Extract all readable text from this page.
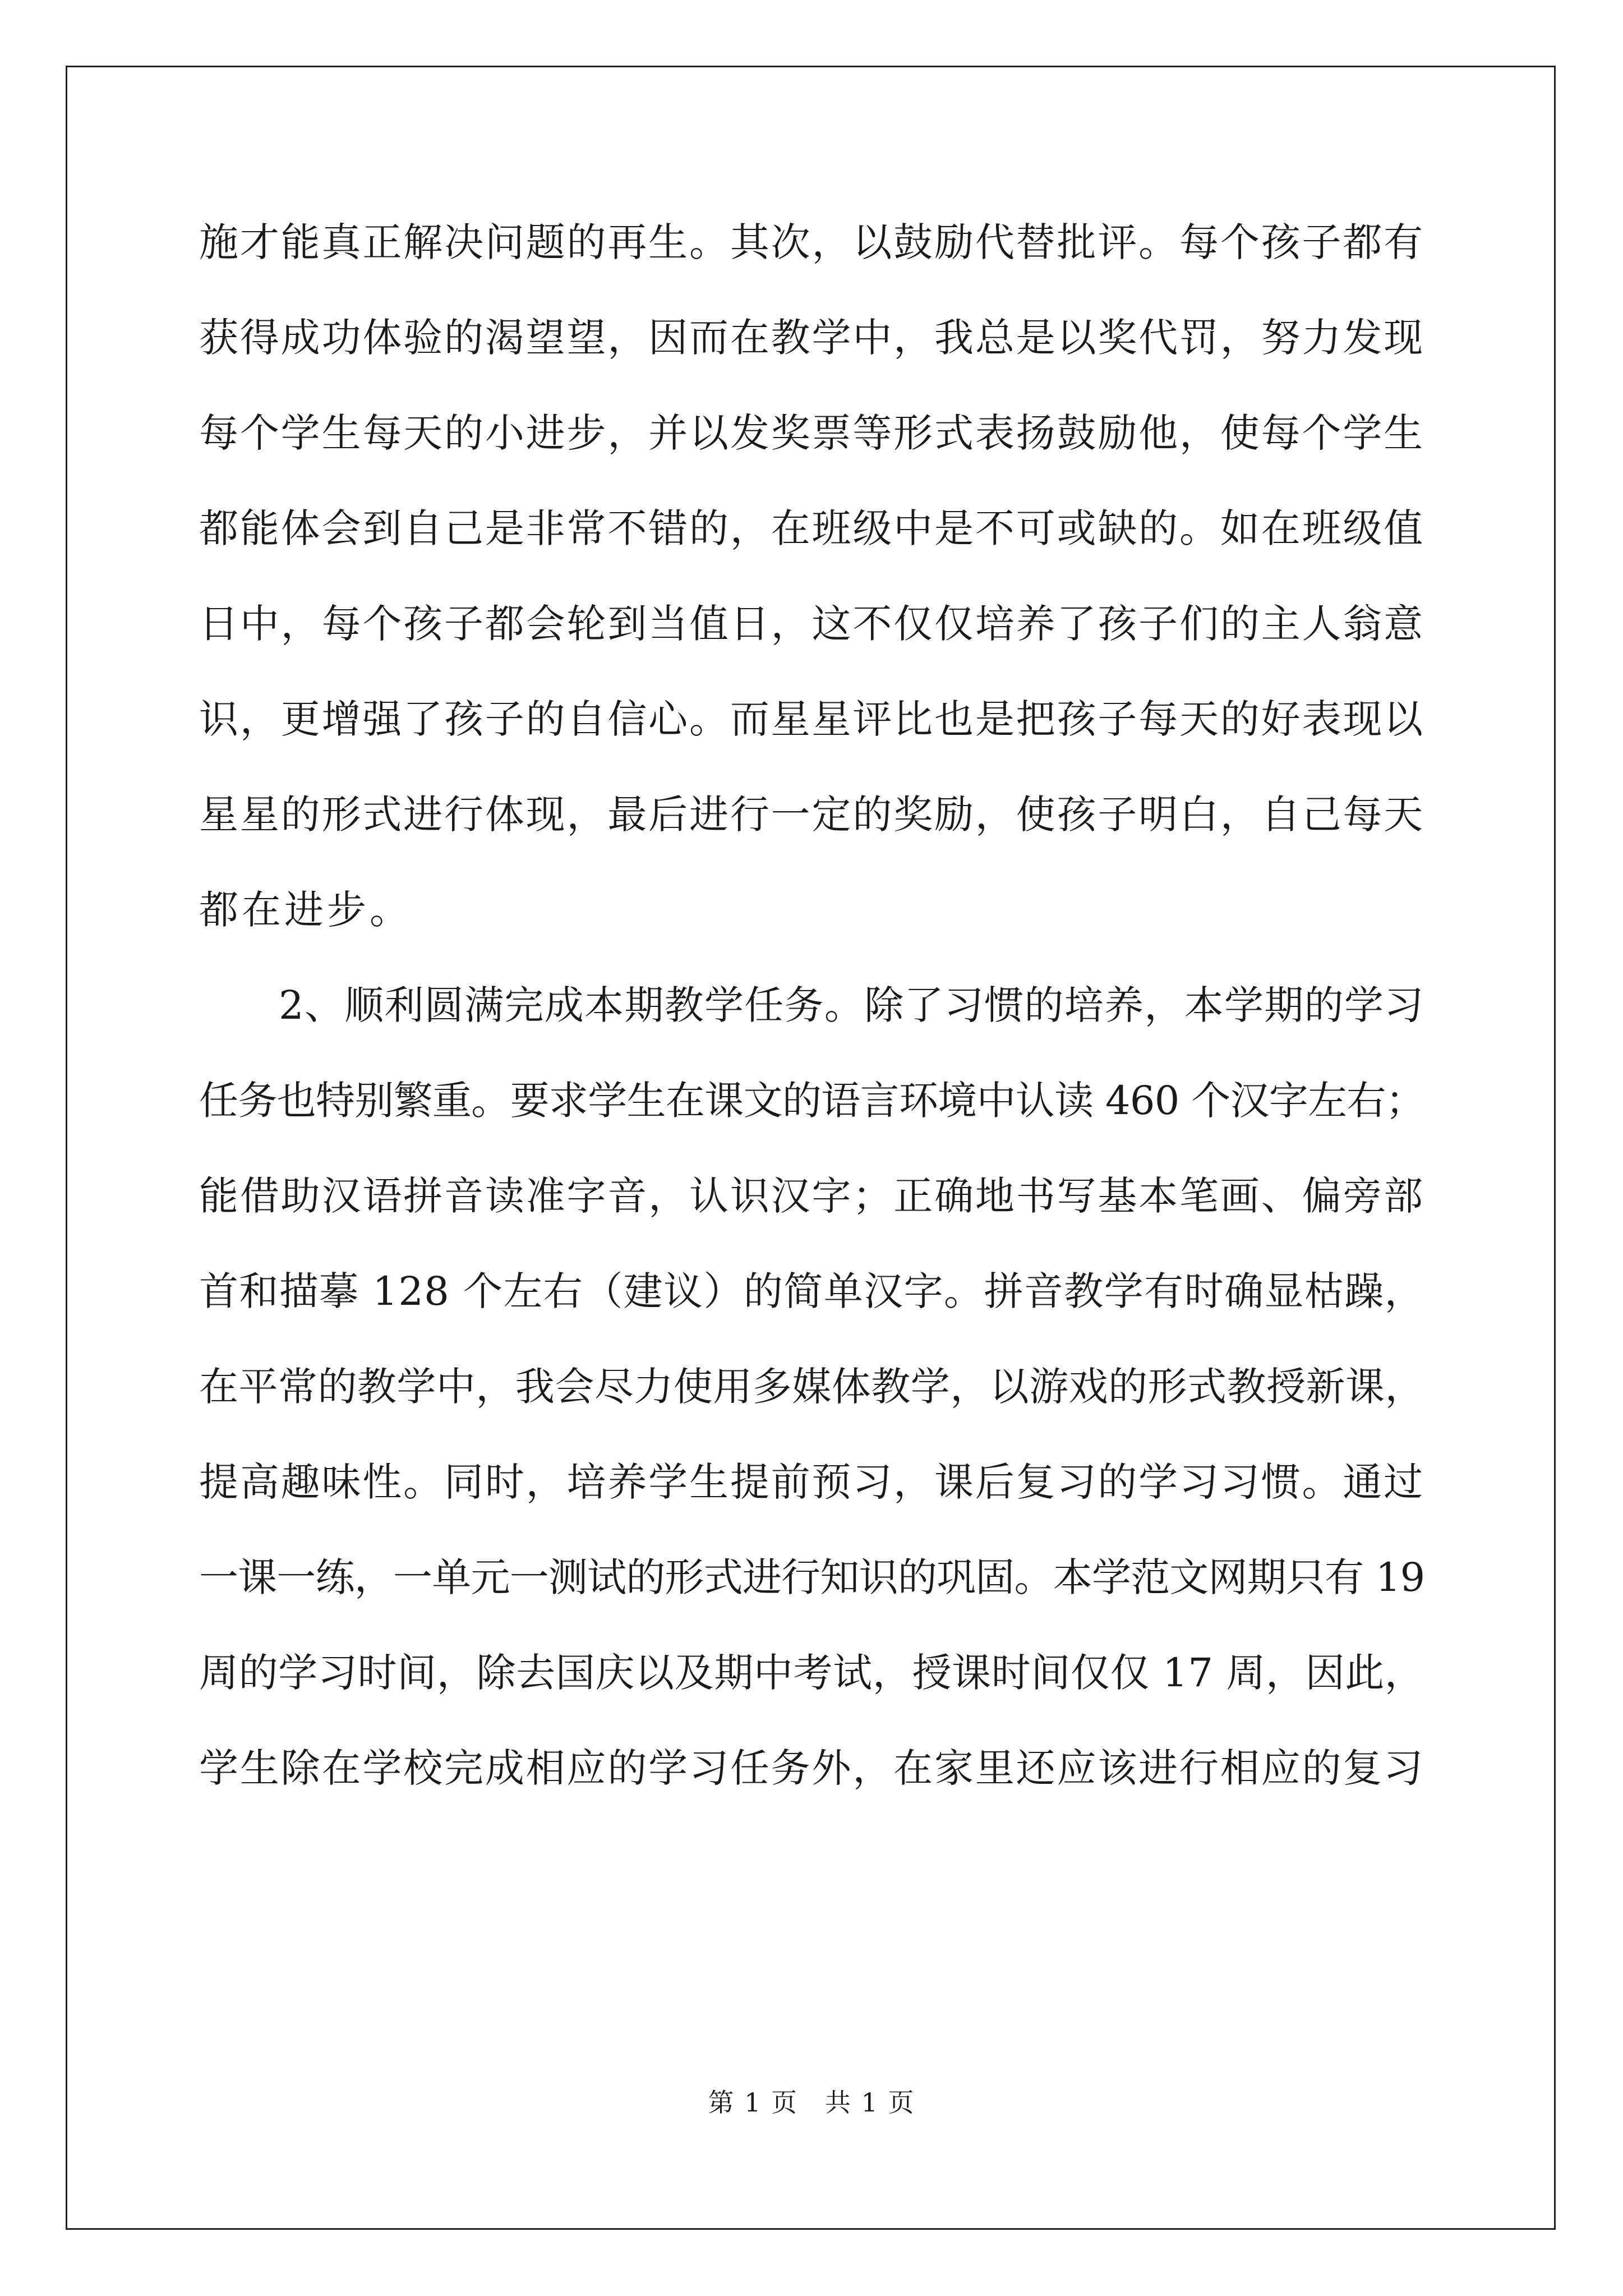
施才能真正解决问题的再生。其次，以鼓励代替批评。每个孩子都有
获得成功体验的渴望望，因而在教学中，我总是以奖代罚，努力发现
每个学生每天的小进步，并以发奖票等形式表扬鼓励他，使每个学生
都能体会到自己是非常不错的，在班级中是不可或缺的。如在班级值
日中，每个孩子都会轮到当值日，这不仅仅培养了孩子们的主人翁意
识，更增强了孩子的自信心。而星星评比也是把孩子每天的好表现以
星星的形式进行体现，最后进行一定的奖励，使孩子明白，自己每天
都在进步。
2、顺利圆满完成本期教学任务。除了习惯的培养，本学期的学习
任务也特别繁重。要求学生在课文的语言环境中认读 460 个汉字左右；
能借助汉语拼音读准字音，认识汉字；正确地书写基本笔画、偏旁部
首和描摹 128 个左右（建议）的简单汉字。拼音教学有时确显枯躁，
在平常的教学中，我会尽力使用多媒体教学，以游戏的形式教授新课，
提高趣味性。同时，培养学生提前预习，课后复习的学习习惯。通过
一课一练，一单元一测试的形式进行知识的巩固。本学范文网期只有 19
周的学习时间，除去国庆以及期中考试，授课时间仅仅 17 周，因此，
学生除在学校完成相应的学习任务外，在家里还应该进行相应的复习
第 1 页　共 1 页
